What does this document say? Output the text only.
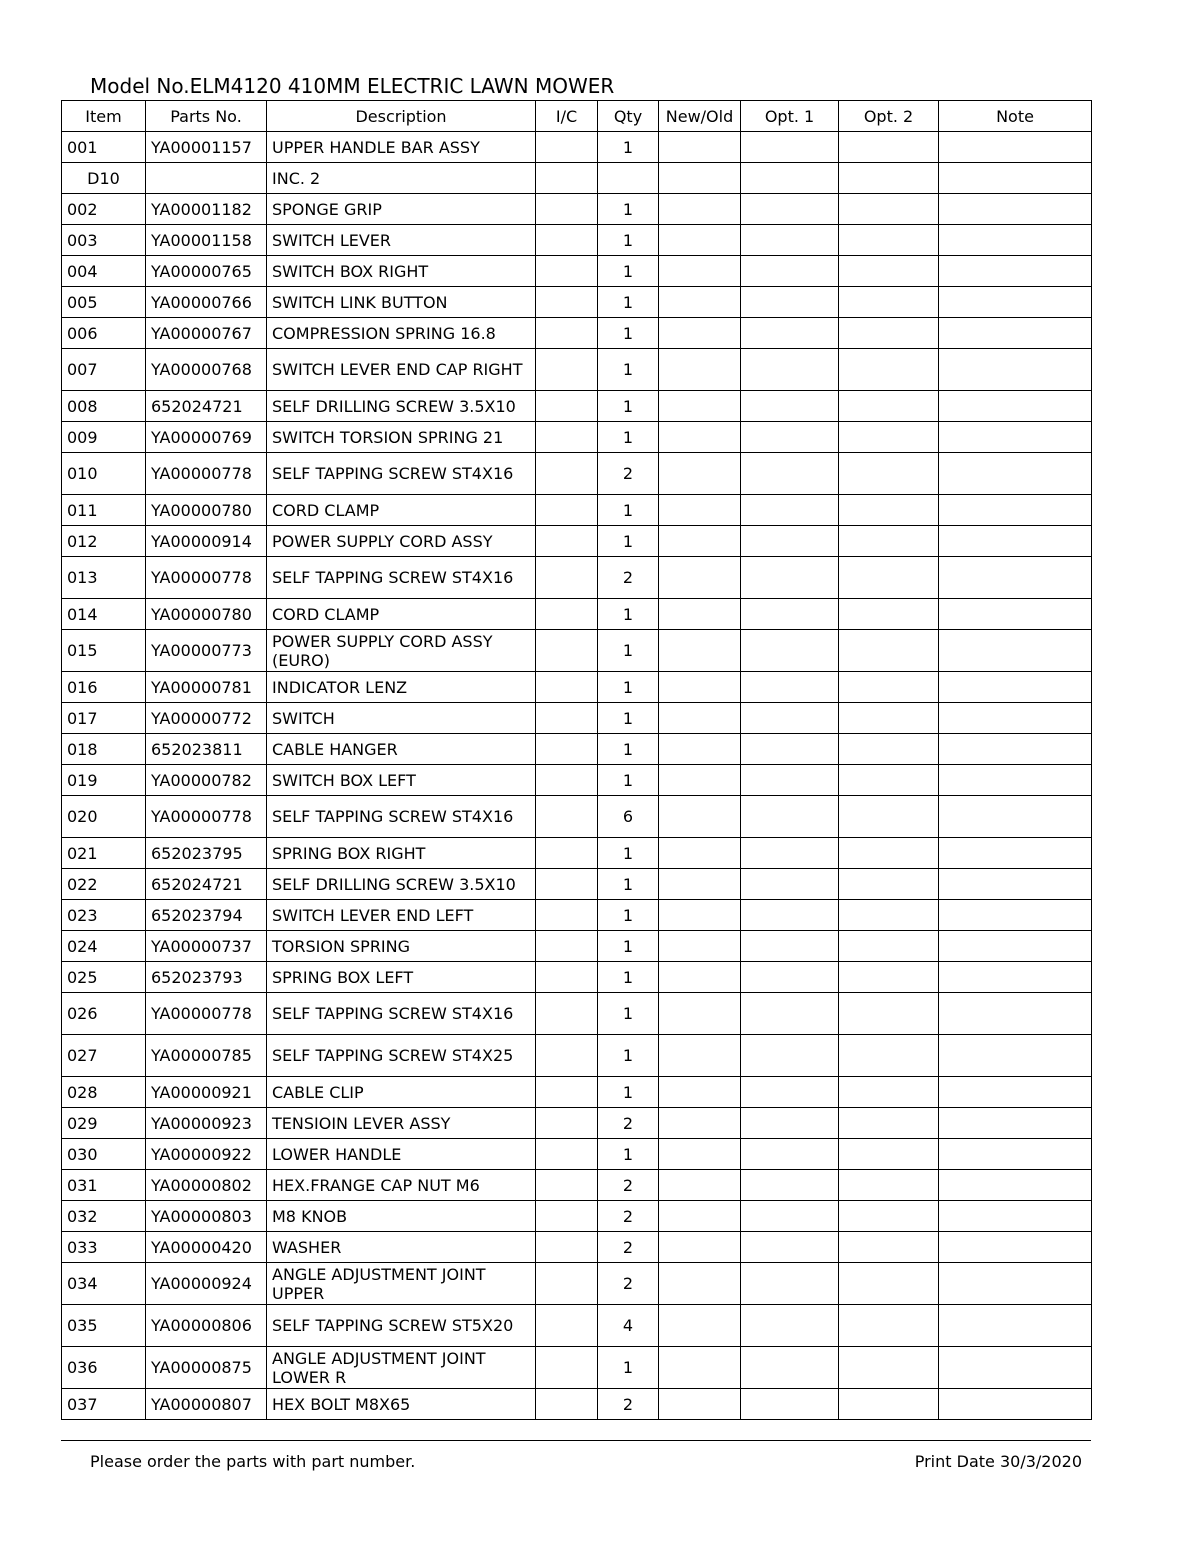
Model No.ELM4120 410MM ELECTRIC LAWN MOWER
Item	Parts No.	Description	I/C	Qty	New/Old	Opt. 1	Opt. 2	Note
001	YA00001157	UPPER HANDLE BAR ASSY		1				
D10		INC. 2						
002	YA00001182	SPONGE GRIP		1				
003	YA00001158	SWITCH LEVER		1				
004	YA00000765	SWITCH BOX RIGHT		1				
005	YA00000766	SWITCH LINK BUTTON		1				
006	YA00000767	COMPRESSION SPRING 16.8		1				
007	YA00000768	SWITCH LEVER END CAP RIGHT		1				
008	652024721	SELF DRILLING SCREW 3.5X10		1				
009	YA00000769	SWITCH TORSION SPRING 21		1				
010	YA00000778	SELF TAPPING SCREW ST4X16		2				
011	YA00000780	CORD CLAMP		1				
012	YA00000914	POWER SUPPLY CORD ASSY		1				
013	YA00000778	SELF TAPPING SCREW ST4X16		2				
014	YA00000780	CORD CLAMP		1				
015	YA00000773	POWER SUPPLY CORD ASSY (EURO)		1				
016	YA00000781	INDICATOR LENZ		1				
017	YA00000772	SWITCH		1				
018	652023811	CABLE HANGER		1				
019	YA00000782	SWITCH BOX LEFT		1				
020	YA00000778	SELF TAPPING SCREW ST4X16		6				
021	652023795	SPRING BOX RIGHT		1				
022	652024721	SELF DRILLING SCREW 3.5X10		1				
023	652023794	SWITCH LEVER END LEFT		1				
024	YA00000737	TORSION SPRING		1				
025	652023793	SPRING BOX LEFT		1				
026	YA00000778	SELF TAPPING SCREW ST4X16		1				
027	YA00000785	SELF TAPPING SCREW ST4X25		1				
028	YA00000921	CABLE CLIP		1				
029	YA00000923	TENSIOIN LEVER ASSY		2				
030	YA00000922	LOWER HANDLE		1				
031	YA00000802	HEX.FRANGE CAP NUT M6		2				
032	YA00000803	M8 KNOB		2				
033	YA00000420	WASHER		2				
034	YA00000924	ANGLE ADJUSTMENT JOINT UPPER		2				
035	YA00000806	SELF TAPPING SCREW ST5X20		4				
036	YA00000875	ANGLE ADJUSTMENT JOINT LOWER R		1				
037	YA00000807	HEX BOLT M8X65		2				
Please order the parts with part number.	Print Date 30/3/2020
